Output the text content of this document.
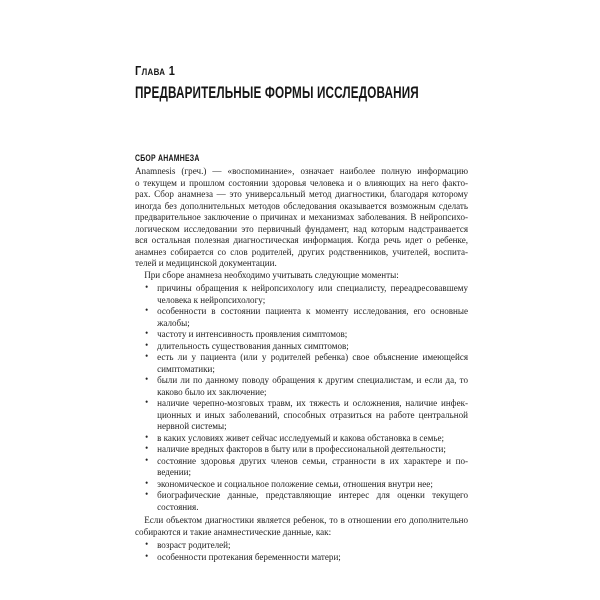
Глава 1
ПРЕДВАРИТЕЛЬНЫЕ ФОРМЫ ИССЛЕДОВАНИЯ
СБОР АНАМНЕЗА
Anamnesis (греч.) — «воспоминание», означает наиболее полную информацию
о текущем и прошлом состоянии здоровья человека и о влияющих на него факто-
рах. Сбор анамнеза — это универсальный метод диагностики, благодаря которому
иногда без дополнительных методов обследования оказывается возможным сделать
предварительное заключение о причинах и механизмах заболевания. В нейропсихо-
логическом исследовании это первичный фундамент, над которым надстраивается
вся остальная полезная диагностическая информация. Когда речь идет о ребенке,
анамнез собирается со слов родителей, других родственников, учителей, воспита-
телей и медицинской документации.
При сборе анамнеза необходимо учитывать следующие моменты:
• причины обращения к нейропсихологу или специалисту, переадресовавшему
человека к нейропсихологу;
• особенности в состоянии пациента к моменту исследования, его основные
жалобы;
• частоту и интенсивность проявления симптомов;
• длительность существования данных симптомов;
• есть ли у пациента (или у родителей ребенка) свое объяснение имеющейся
симптоматики;
• были ли по данному поводу обращения к другим специалистам, и если да, то
каково было их заключение;
• наличие черепно-мозговых травм, их тяжесть и осложнения, наличие инфек-
ционных и иных заболеваний, способных отразиться на работе центральной
нервной системы;
• в каких условиях живет сейчас исследуемый и какова обстановка в семье;
• наличие вредных факторов в быту или в профессиональной деятельности;
• состояние здоровья других членов семьи, странности в их характере и по-
ведении;
• экономическое и социальное положение семьи, отношения внутри нее;
• биографические данные, представляющие интерес для оценки текущего
состояния.
Если объектом диагностики является ребенок, то в отношении его дополнительно
собираются и такие анамнестические данные, как:
• возраст родителей;
• особенности протекания беременности матери;
